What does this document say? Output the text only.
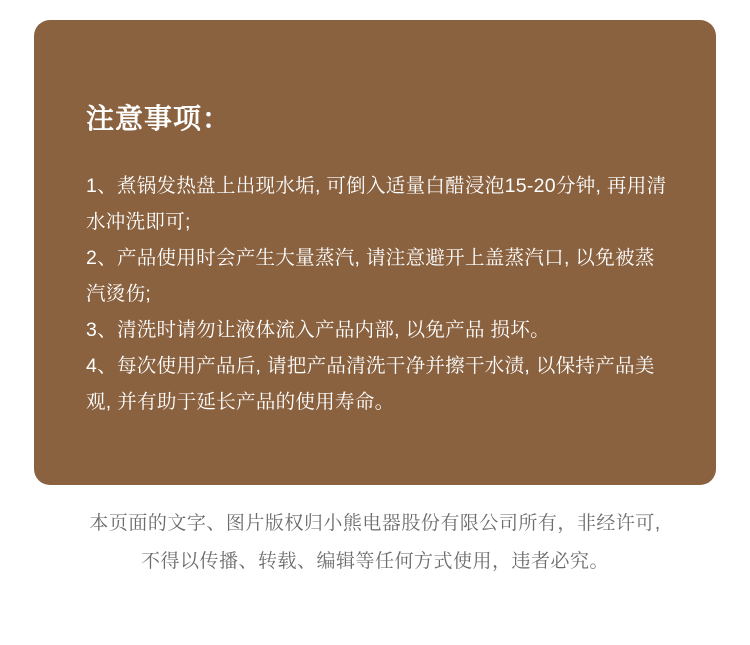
注意事项：

1、煮锅发热盘上出现水垢, 可倒入适量白醋浸泡15-20分钟, 再用清水冲洗即可;

2、产品使用时会产生大量蒸汽, 请注意避开上盖蒸汽口, 以免被蒸汽烫伤;

3、清洗时请勿让液体流入产品内部, 以免产品 损坏。

4、每次使用产品后, 请把产品清洗干净并擦干水渍, 以保持产品美观, 并有助于延长产品的使用寿命。

本页面的文字、图片版权归小熊电器股份有限公司所有，非经许可,
不得以传播、转载、编辑等任何方式使用，违者必究。
